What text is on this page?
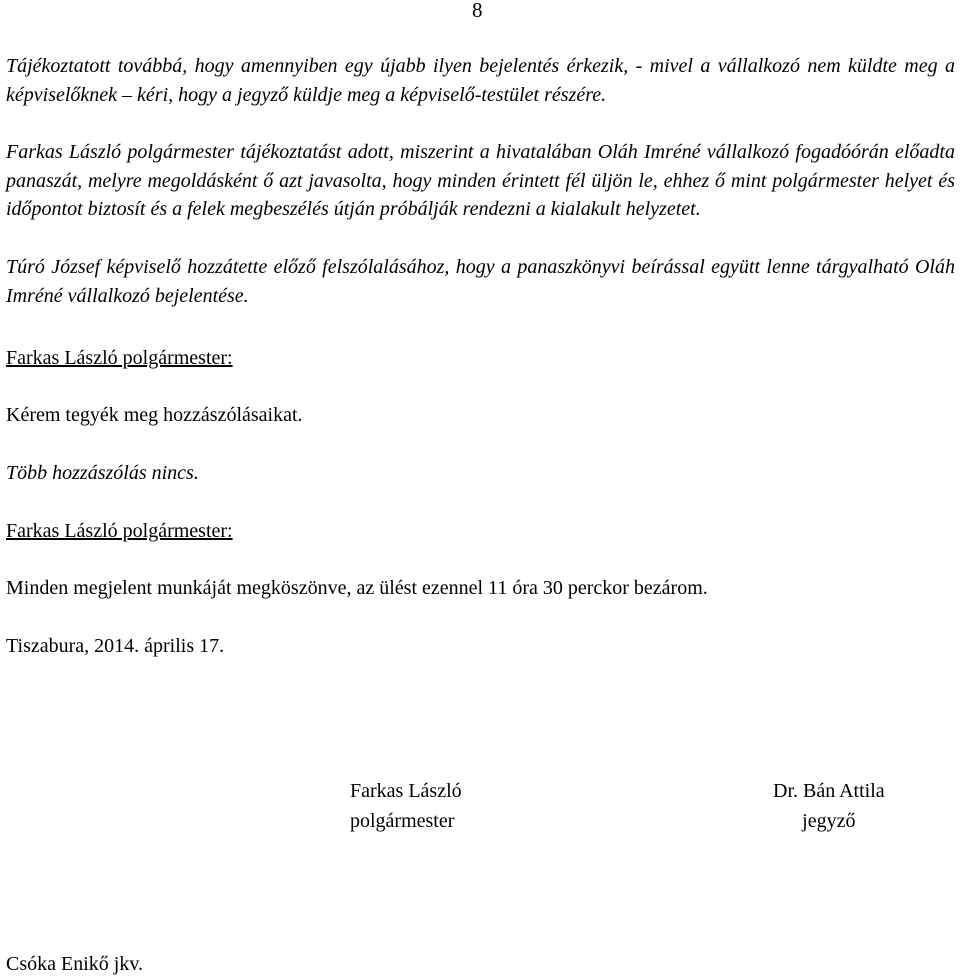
8

Tájékoztatott továbbá, hogy amennyiben egy újabb ilyen bejelentés érkezik, - mivel a vállalkozó nem küldte meg a képviselőknek – kéri, hogy a jegyző küldje meg a képviselő-testület részére.

Farkas László polgármester tájékoztatást adott, miszerint a hivatalában Oláh Imréné vállalkozó fogadóórán előadta panaszát, melyre megoldásként ő azt javasolta, hogy minden érintett fél üljön le, ehhez ő mint polgármester helyet és időpontot biztosít és a felek megbeszélés útján próbálják rendezni a kialakult helyzetet.

Túró József képviselő hozzátette előző felszólalásához, hogy a panaszkönyvi beírással együtt lenne tárgyalható Oláh Imréné vállalkozó bejelentése.

Farkas László polgármester:

Kérem tegyék meg hozzászólásaikat.

Több hozzászólás nincs.

Farkas László polgármester:

Minden megjelent munkáját megköszönve, az ülést ezennel 11 óra 30 perckor bezárom.

Tiszabura, 2014. április 17.

Farkas László
polgármester
Dr. Bán Attila
jegyző

Csóka Enikő jkv.
